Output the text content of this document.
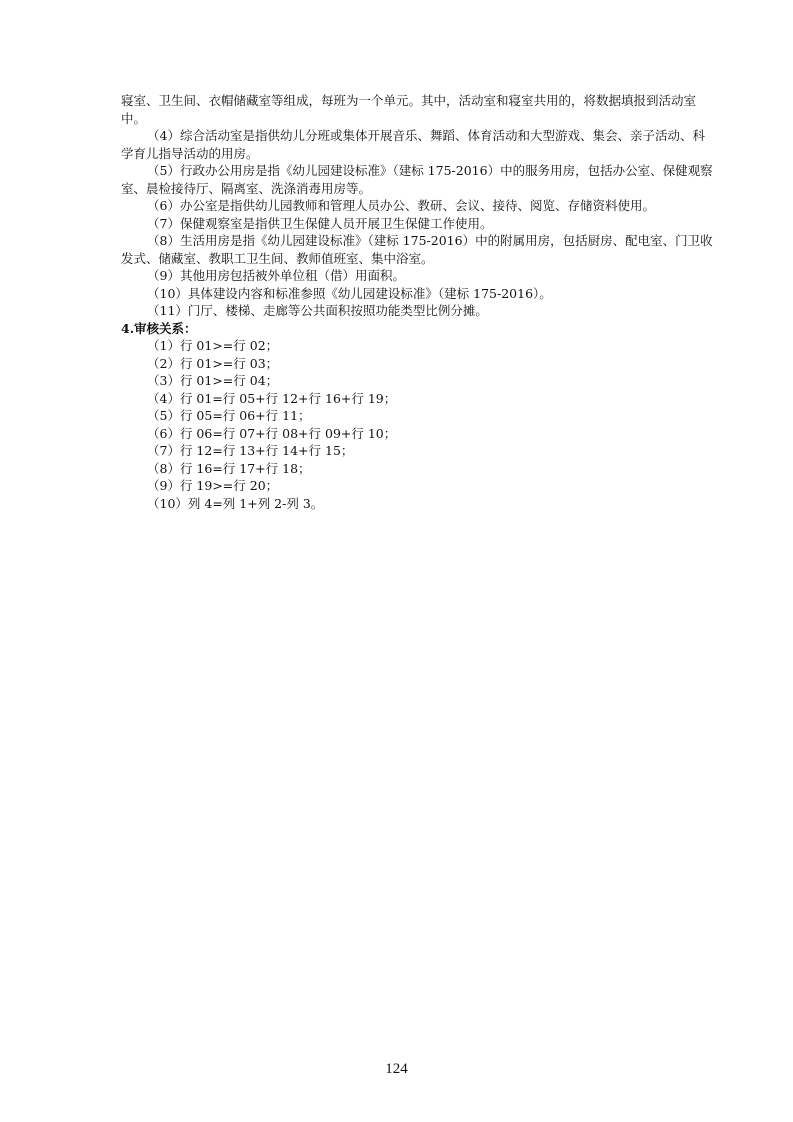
寝室、卫生间、衣帽储藏室等组成，每班为一个单元。其中，活动室和寝室共用的，将数据填报到活动室
中。
（4）综合活动室是指供幼儿分班或集体开展音乐、舞蹈、体育活动和大型游戏、集会、亲子活动、科
学育儿指导活动的用房。
（5）行政办公用房是指《幼儿园建设标准》（建标 175-2016）中的服务用房，包括办公室、保健观察
室、晨检接待厅、隔离室、洗涤消毒用房等。
（6）办公室是指供幼儿园教师和管理人员办公、教研、会议、接待、阅览、存储资料使用。
（7）保健观察室是指供卫生保健人员开展卫生保健工作使用。
（8）生活用房是指《幼儿园建设标准》（建标 175-2016）中的附属用房，包括厨房、配电室、门卫收
发式、储藏室、教职工卫生间、教师值班室、集中浴室。
（9）其他用房包括被外单位租（借）用面积。
（10）具体建设内容和标准参照《幼儿园建设标准》（建标 175-2016）。
（11）门厅、楼梯、走廊等公共面积按照功能类型比例分摊。
4.审核关系：
（1）行 01>=行 02；
（2）行 01>=行 03；
（3）行 01>=行 04；
（4）行 01=行 05+行 12+行 16+行 19；
（5）行 05=行 06+行 11；
（6）行 06=行 07+行 08+行 09+行 10；
（7）行 12=行 13+行 14+行 15；
（8）行 16=行 17+行 18；
（9）行 19>=行 20；
（10）列 4=列 1+列 2-列 3。
124
